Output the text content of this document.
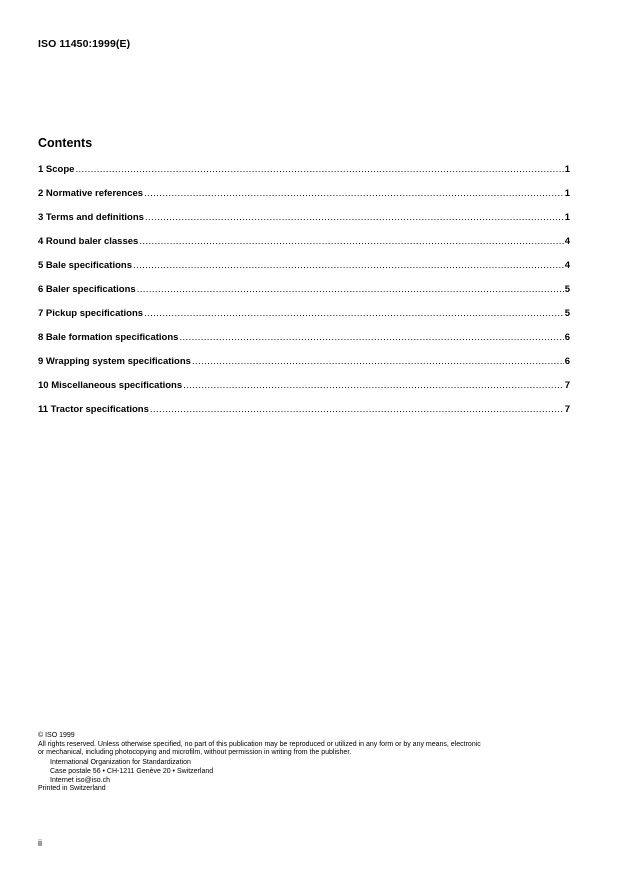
ISO 11450:1999(E)
Contents
1 Scope .....	1
2 Normative references .....	1
3 Terms and definitions .....	1
4 Round baler classes .....	4
5 Bale specifications .....	4
6 Baler specifications .....	5
7 Pickup specifications .....	5
8 Bale formation specifications .....	6
9 Wrapping system specifications .....	6
10 Miscellaneous specifications .....	7
11 Tractor specifications .....	7
© ISO 1999
All rights reserved. Unless otherwise specified, no part of this publication may be reproduced or utilized in any form or by any means, electronic
or mechanical, including photocopying and microfilm, without permission in writing from the publisher.
International Organization for Standardization
Case postale 56 • CH-1211 Genève 20 • Switzerland
Internet iso@iso.ch
Printed in Switzerland
ii
